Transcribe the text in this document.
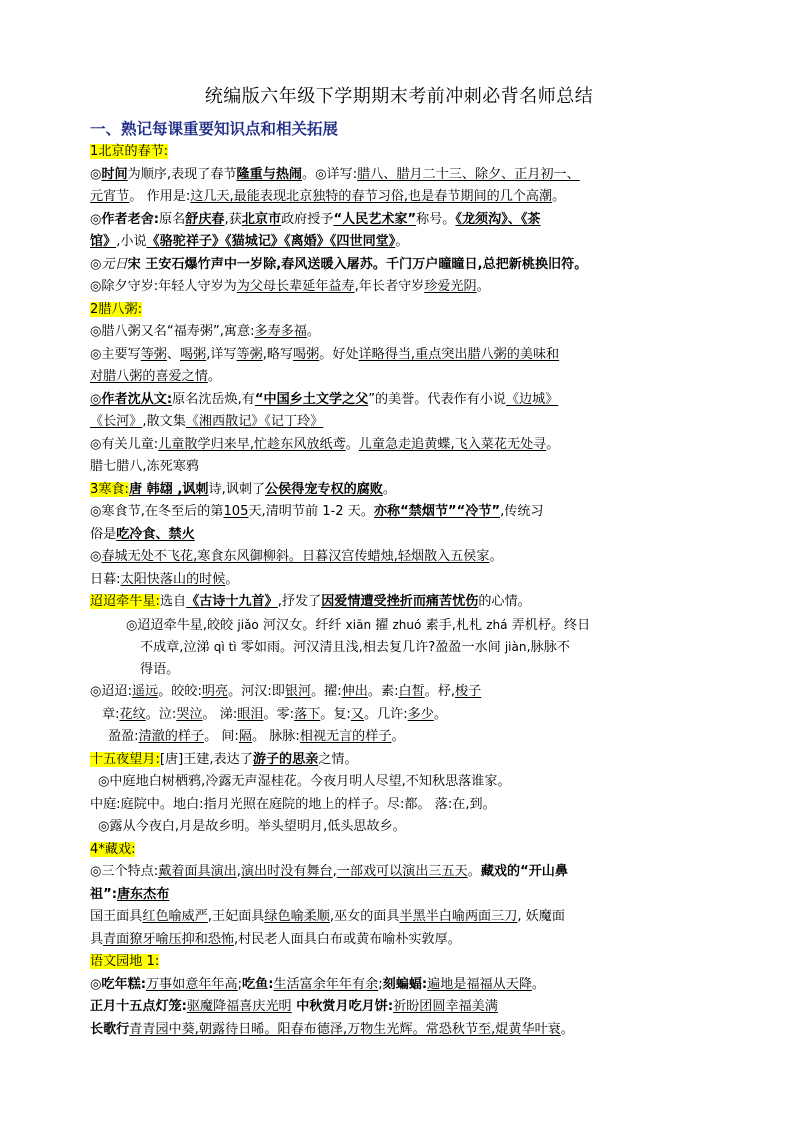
统编版六年级下学期期末考前冲刺必背名师总结
一、熟记每课重要知识点和相关拓展
1北京的春节:
◎时间为顺序,表现了春节隆重与热闹。◎详写:腊八、腊月二十三、除夕、正月初一、
元宵节。 作用是:这几天,最能表现北京独特的春节习俗,也是春节期间的几个高潮。
◎作者老舍:原名舒庆春,获北京市政府授予“人民艺术家”称号。《龙须沟》、《茶
馆》,小说《骆驼祥子》《猫城记》《离婚》《四世同堂》。
◎元日宋 王安石爆竹声中一岁除,春风送暖入屠苏。千门万户曈曈日,总把新桃换旧符。
◎除夕守岁:年轻人守岁为为父母长辈延年益寿,年长者守岁珍爱光阴。
2腊八粥:
◎腊八粥又名“福寿粥”,寓意:多寿多福。
◎主要写等粥、喝粥,详写等粥,略写喝粥。好处详略得当,重点突出腊八粥的美味和
对腊八粥的喜爱之情。
◎作者沈从文:原名沈岳焕,有“中国乡土文学之父”的美誉。代表作有小说《边城》
《长河》,散文集《湘西散记》《记丁玲》
◎有关儿童:儿童散学归来早,忙趁东风放纸鸢。儿童急走追黄蝶,飞入菜花无处寻。
腊七腊八,冻死寒鸦
3寒食:唐 韩翃 ,讽刺诗,讽刺了公侯得宠专权的腐败。
◎寒食节,在冬至后的第105天,清明节前 1-2 天。亦称“禁烟节”“冷节”,传统习
俗是吃冷食、禁火
◎春城无处不飞花,寒食东风御柳斜。日暮汉宫传蜡烛,轻烟散入五侯家。
日暮:太阳快落山的时候。
迢迢牵牛星:选自《古诗十九首》,抒发了因爱情遭受挫折而痛苦忧伤的心情。
◎迢迢牵牛星,皎皎 jiǎo 河汉女。纤纤 xiān 擢 zhuó 素手,札札 zhá 弄机杼。终日
不成章,泣涕 qì tì 零如雨。河汉清且浅,相去复几许?盈盈一水间 jiàn,脉脉不
得语。
◎迢迢:遥远。皎皎:明亮。河汉:即银河。擢:伸出。素:白皙。杼,梭子
章:花纹。泣:哭泣。 涕:眼泪。零:落下。复:又。几许:多少。
盈盈:清澈的样子。 间:隔。 脉脉:相视无言的样子。
十五夜望月:[唐]王建,表达了游子的思亲之情。
◎中庭地白树栖鸦,冷露无声湿桂花。今夜月明人尽望,不知秋思落谁家。
中庭:庭院中。地白:指月光照在庭院的地上的样子。尽:都。 落:在,到。
◎露从今夜白,月是故乡明。举头望明月,低头思故乡。
4*藏戏:
◎三个特点:戴着面具演出,演出时没有舞台,一部戏可以演出三五天。藏戏的“开山鼻
祖”:唐东杰布
国王面具红色喻威严,王妃面具绿色喻柔顺,巫女的面具半黑半白喻两面三刀, 妖魔面
具青面獠牙喻压抑和恐怖,村民老人面具白布或黄布喻朴实敦厚。
语文园地 1:
◎吃年糕:万事如意年年高;吃鱼:生活富余年年有余;刻蝙蝠:遍地是福福从天降。
正月十五点灯笼:驱魔降福喜庆光明 中秋赏月吃月饼:祈盼团圆幸福美满
长歌行青青园中葵,朝露待日晞。阳春布德泽,万物生光辉。常恐秋节至,焜黄华叶衰。
